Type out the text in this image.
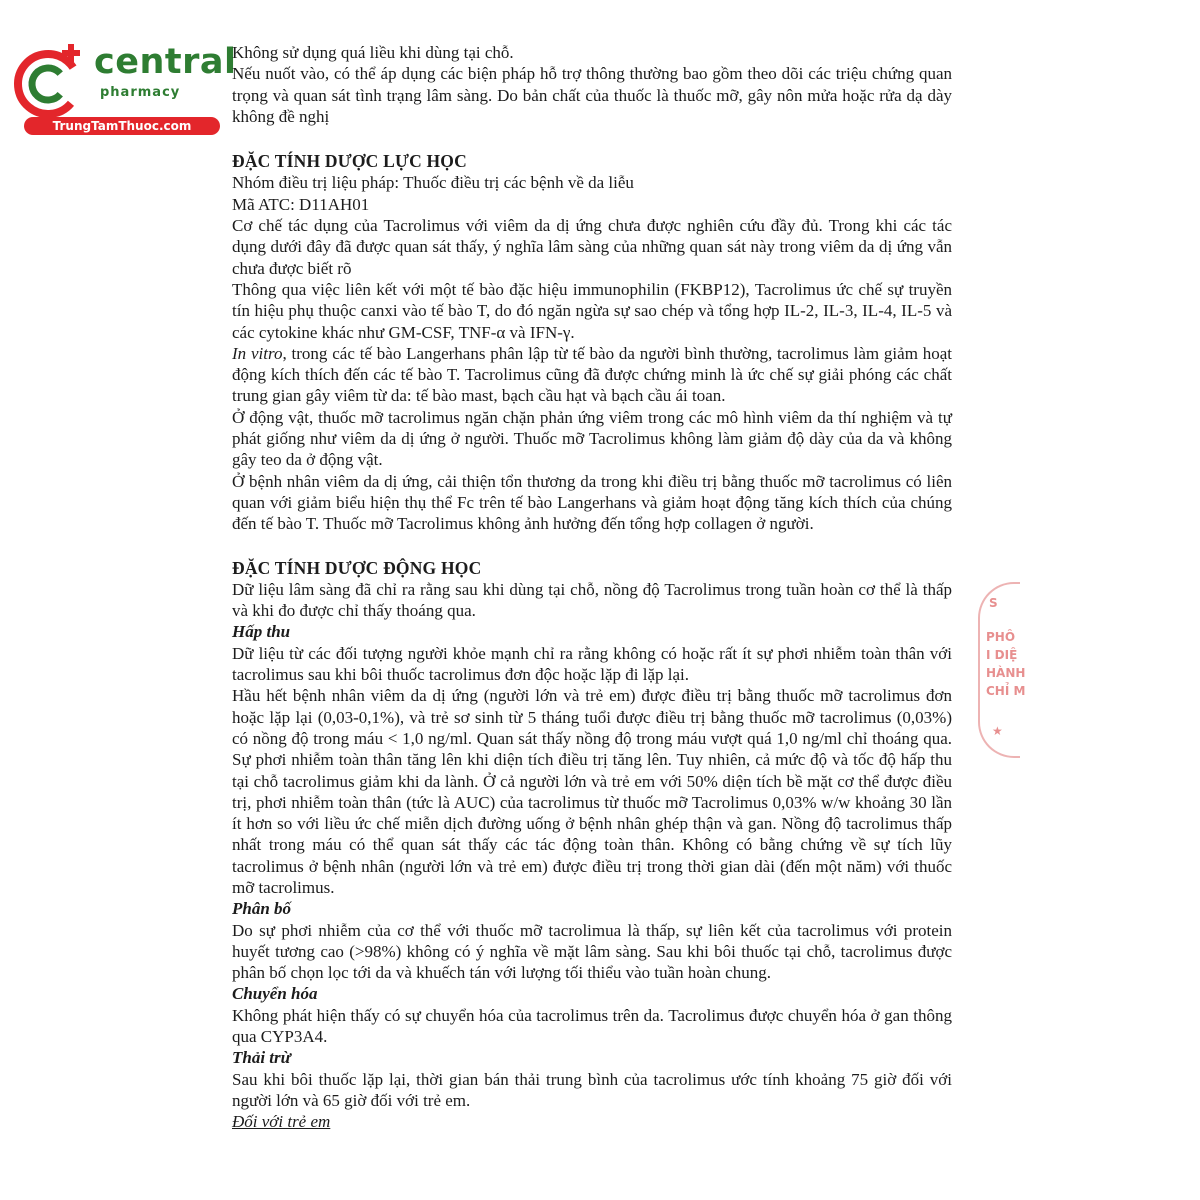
central
pharmacy
TrungTamThuoc.com

Không sử dụng quá liều khi dùng tại chỗ.

Nếu nuốt vào, có thể áp dụng các biện pháp hỗ trợ thông thường bao gồm theo dõi các triệu chứng quan trọng và quan sát tình trạng lâm sàng. Do bản chất của thuốc là thuốc mỡ, gây nôn mửa hoặc rửa dạ dày không đề nghị

ĐẶC TÍNH DƯỢC LỰC HỌC

Nhóm điều trị liệu pháp: Thuốc điều trị các bệnh về da liễu

Mã ATC: D11AH01

Cơ chế tác dụng của Tacrolimus với viêm da dị ứng chưa được nghiên cứu đầy đủ. Trong khi các tác dụng dưới đây đã được quan sát thấy, ý nghĩa lâm sàng của những quan sát này trong viêm da dị ứng vẫn chưa được biết rõ

Thông qua việc liên kết với một tế bào đặc hiệu immunophilin (FKBP12), Tacrolimus ức chế sự truyền tín hiệu phụ thuộc canxi vào tế bào T, do đó ngăn ngừa sự sao chép và tổng hợp IL-2, IL-3, IL-4, IL-5 và các cytokine khác như GM-CSF, TNF-α và IFN-γ.

In vitro, trong các tế bào Langerhans phân lập từ tế bào da người bình thường, tacrolimus làm giảm hoạt động kích thích đến các tế bào T. Tacrolimus cũng đã được chứng minh là ức chế sự giải phóng các chất trung gian gây viêm từ da: tế bào mast, bạch cầu hạt và bạch cầu ái toan.

Ở động vật, thuốc mỡ tacrolimus ngăn chặn phản ứng viêm trong các mô hình viêm da thí nghiệm và tự phát giống như viêm da dị ứng ở người. Thuốc mỡ Tacrolimus không làm giảm độ dày của da và không gây teo da ở động vật.

Ở bệnh nhân viêm da dị ứng, cải thiện tổn thương da trong khi điều trị bằng thuốc mỡ tacrolimus có liên quan với giảm biểu hiện thụ thể Fc trên tế bào Langerhans và giảm hoạt động tăng kích thích của chúng đến tế bào T. Thuốc mỡ Tacrolimus không ảnh hưởng đến tổng hợp collagen ở người.

ĐẶC TÍNH DƯỢC ĐỘNG HỌC

Dữ liệu lâm sàng đã chỉ ra rằng sau khi dùng tại chỗ, nồng độ Tacrolimus trong tuần hoàn cơ thể là thấp và khi đo được chỉ thấy thoáng qua.

Hấp thu

Dữ liệu từ các đối tượng người khỏe mạnh chỉ ra rằng không có hoặc rất ít sự phơi nhiễm toàn thân với tacrolimus sau khi bôi thuốc tacrolimus đơn độc hoặc lặp đi lặp lại.

Hầu hết bệnh nhân viêm da dị ứng (người lớn và trẻ em) được điều trị bằng thuốc mỡ tacrolimus đơn hoặc lặp lại (0,03-0,1%), và trẻ sơ sinh từ 5 tháng tuổi được điều trị bằng thuốc mỡ tacrolimus (0,03%) có nồng độ trong máu < 1,0 ng/ml. Quan sát thấy nồng độ trong máu vượt quá 1,0 ng/ml chỉ thoáng qua. Sự phơi nhiễm toàn thân tăng lên khi diện tích điều trị tăng lên. Tuy nhiên, cả mức độ và tốc độ hấp thu tại chỗ tacrolimus giảm khi da lành. Ở cả người lớn và trẻ em với 50% diện tích bề mặt cơ thể được điều trị, phơi nhiễm toàn thân (tức là AUC) của tacrolimus từ thuốc mỡ Tacrolimus 0,03% w/w khoảng 30 lần ít hơn so với liều ức chế miễn dịch đường uống ở bệnh nhân ghép thận và gan. Nồng độ tacrolimus thấp nhất trong máu có thể quan sát thấy các tác động toàn thân. Không có bằng chứng về sự tích lũy tacrolimus ở bệnh nhân (người lớn và trẻ em) được điều trị trong thời gian dài (đến một năm) với thuốc mỡ tacrolimus.

Phân bố

Do sự phơi nhiễm của cơ thể với thuốc mỡ tacrolimua là thấp, sự liên kết của tacrolimus với protein huyết tương cao (>98%) không có ý nghĩa về mặt lâm sàng. Sau khi bôi thuốc tại chỗ, tacrolimus được phân bố chọn lọc tới da và khuếch tán với lượng tối thiểu vào tuần hoàn chung.

Chuyển hóa

Không phát hiện thấy có sự chuyển hóa của tacrolimus trên da. Tacrolimus được chuyển hóa ở gan thông qua CYP3A4.

Thải trừ

Sau khi bôi thuốc lặp lại, thời gian bán thải trung bình của tacrolimus ước tính khoảng 75 giờ đối với người lớn và 65 giờ đối với trẻ em.

Đối với trẻ em

S
PHÔ
I DIỆ
HÀNH
CHỈ M
★
